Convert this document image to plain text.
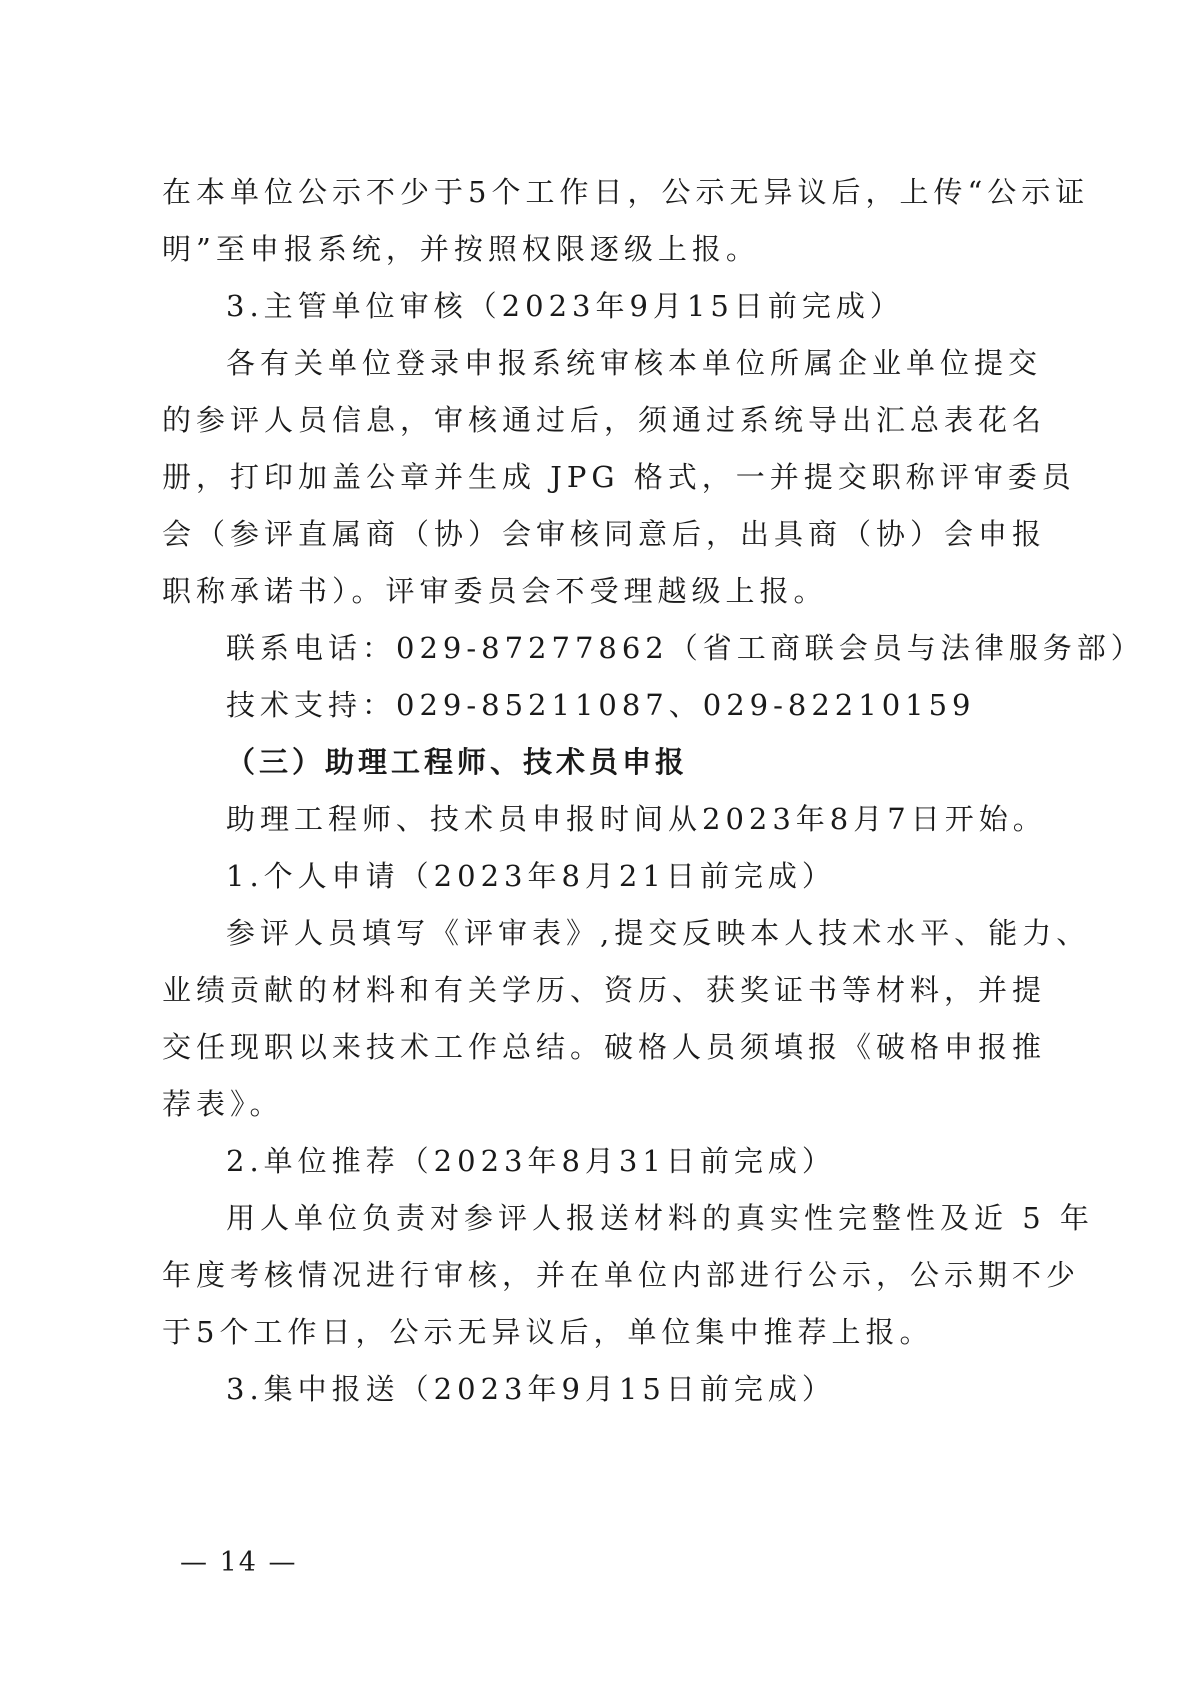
在本单位公示不少于5个工作日，公示无异议后，上传“公示证
明”至申报系统，并按照权限逐级上报。
3.主管单位审核（2023年9月15日前完成）
各有关单位登录申报系统审核本单位所属企业单位提交
的参评人员信息，审核通过后，须通过系统导出汇总表花名
册，打印加盖公章并生成 JPG 格式，一并提交职称评审委员
会（参评直属商（协）会审核同意后，出具商（协）会申报
职称承诺书）。评审委员会不受理越级上报。
联系电话：029-87277862（省工商联会员与法律服务部）
技术支持：029-85211087、029-82210159
（三）助理工程师、技术员申报
助理工程师、技术员申报时间从2023年8月7日开始。
1.个人申请（2023年8月21日前完成）
参评人员填写《评审表》,提交反映本人技术水平、能力、
业绩贡献的材料和有关学历、资历、获奖证书等材料，并提
交任现职以来技术工作总结。破格人员须填报《破格申报推
荐表》。
2.单位推荐（2023年8月31日前完成）
用人单位负责对参评人报送材料的真实性完整性及近 5 年
年度考核情况进行审核，并在单位内部进行公示，公示期不少
于5个工作日，公示无异议后，单位集中推荐上报。
3.集中报送（2023年9月15日前完成）
— 14 —
